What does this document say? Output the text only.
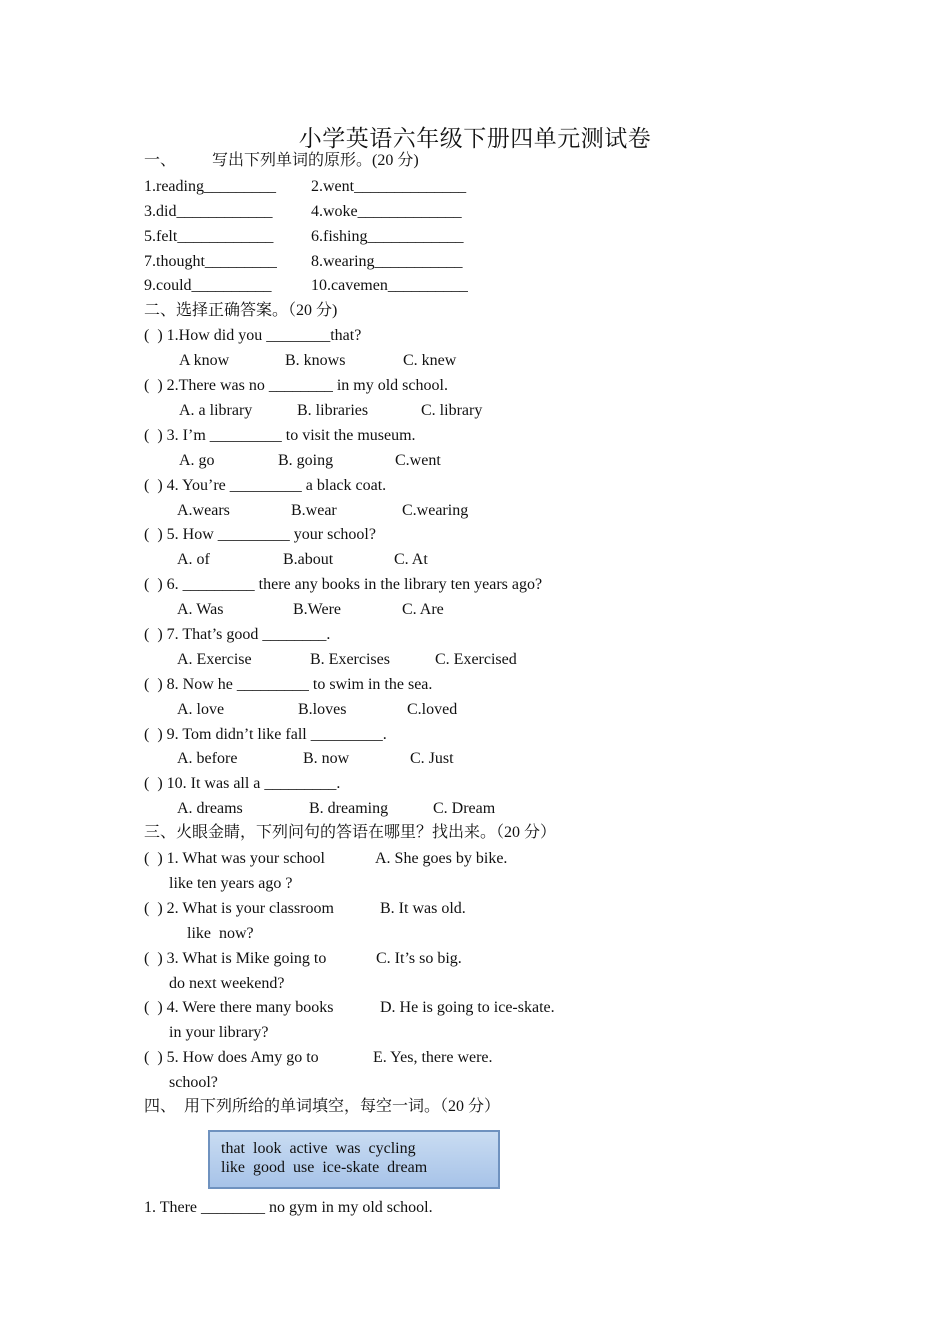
小学英语六年级下册四单元测试卷
一、 写出下列单词的原形。(20 分)
1.reading_________ 2.went______________
3.did____________ 4.woke_____________
5.felt____________ 6.fishing____________
7.thought_________ 8.wearing___________
9.could__________ 10.cavemen__________
二、选择正确答案。（20 分)
(  ) 1.How did you ________that?
A know	B. knows	C. knew
(  ) 2.There was no ________ in my old school.
A. a library	B. libraries	C. library
(  ) 3. I’m _________ to visit the museum.
A. go	B. going	C.went
(  ) 4. You’re _________ a black coat.
A.wears	B.wear	C.wearing
(  ) 5. How _________ your school?
A. of	B.about	C. At
(  ) 6. _________ there any books in the library ten years ago?
A. Was	B.Were	C. Are
(  ) 7. That’s good ________.
A. Exercise	B. Exercises	C. Exercised
(  ) 8. Now he _________ to swim in the sea.
A. love	B.loves	C.loved
(  ) 9. Tom didn’t like fall _________.
A. before	B. now	C. Just
(  ) 10. It was all a _________.
A. dreams	B. dreaming	C. Dream
三、火眼金睛，下列问句的答语在哪里？找出来。（20 分）
(  ) 1. What was your school
like ten years ago ?
A. She goes by bike.
(  ) 2. What is your classroom
like  now?
B. It was old.
(  ) 3. What is Mike going to
do next weekend?
C. It’s so big.
(  ) 4. Were there many books
in your library?
D. He is going to ice-skate.
(  ) 5. How does Amy go to
school?
E. Yes, there were.
四、  用下列所给的单词填空，每空一词。（20 分）
that  look  active  was  cycling
like  good  use  ice-skate  dream
1. There ________ no gym in my old school.
